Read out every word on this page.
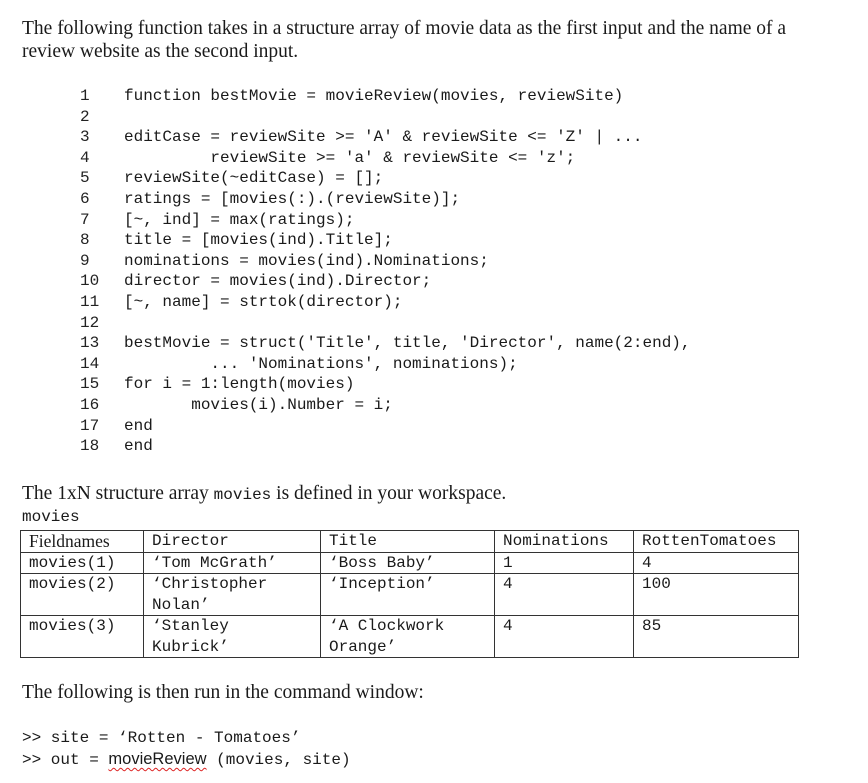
The following function takes in a structure array of movie data as the first input and the name of a review website as the second input.
1 function bestMovie = movieReview(movies, reviewSite)
2
3 editCase = reviewSite >= 'A' & reviewSite <= 'Z' | ...
4         reviewSite >= 'a' & reviewSite <= 'z';
5 reviewSite(~editCase) = [];
6 ratings = [movies(:).(reviewSite)];
7 [~, ind] = max(ratings);
8 title = [movies(ind).Title];
9 nominations = movies(ind).Nominations;
10 director = movies(ind).Director;
11 [~, name] = strtok(director);
12
13 bestMovie = struct('Title', title, 'Director', name(2:end),
14         ... 'Nominations', nominations);
15 for i = 1:length(movies)
16       movies(i).Number = i;
17 end
18 end
The 1xN structure array movies is defined in your workspace.
movies
Fieldnames	Director	Title	Nominations	RottenTomatoes
movies(1)	‘Tom McGrath’	‘Boss Baby’	1	4
movies(2)	‘Christopher Nolan’	‘Inception’	4	100
movies(3)	‘Stanley Kubrick’	‘A Clockwork Orange’	4	85
The following is then run in the command window:
>> site = ‘Rotten - Tomatoes’
>> out = movieReview (movies, site)
